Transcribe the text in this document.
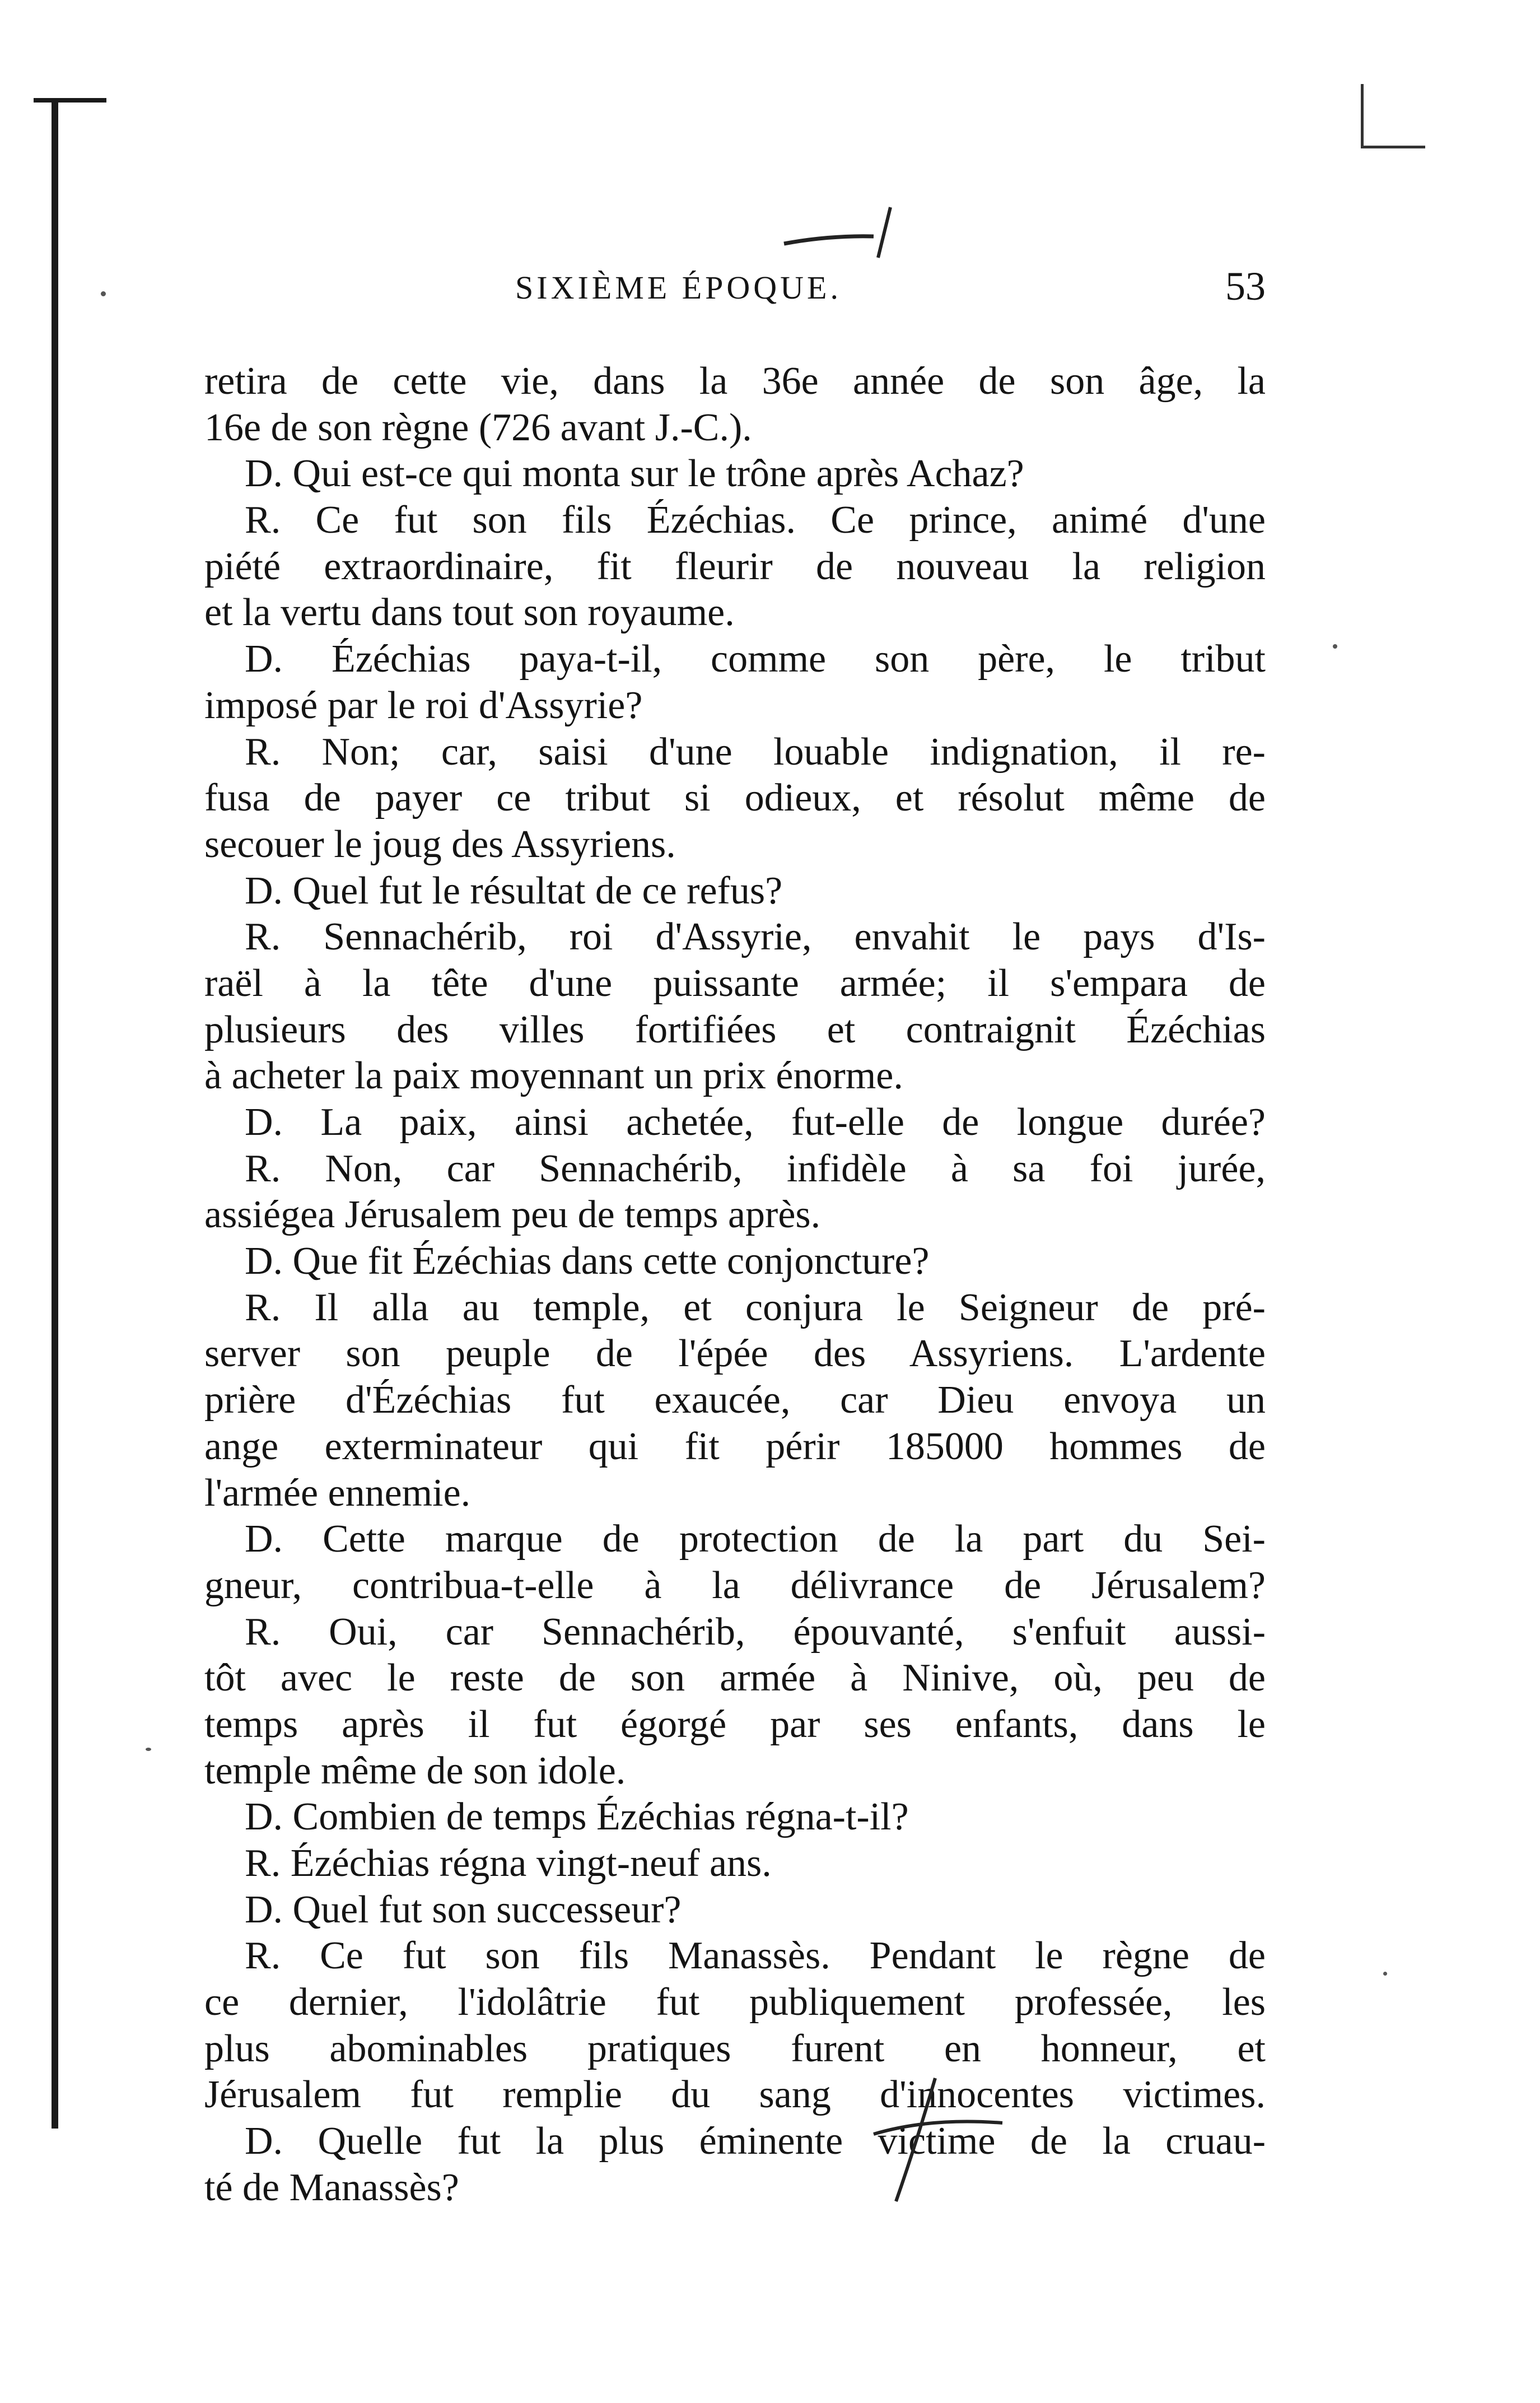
SIXIÈME ÉPOQUE.	53
retira de cette vie, dans la 36e année de son âge, la
16e de son règne (726 avant J.-C.).
D. Qui est-ce qui monta sur le trône après Achaz?
R. Ce fut son fils Ézéchias. Ce prince, animé d'une
piété extraordinaire, fit fleurir de nouveau la religion
et la vertu dans tout son royaume.
D. Ézéchias paya-t-il, comme son père, le tribut
imposé par le roi d'Assyrie?
R. Non; car, saisi d'une louable indignation, il re-
fusa de payer ce tribut si odieux, et résolut même de
secouer le joug des Assyriens.
D. Quel fut le résultat de ce refus?
R. Sennachérib, roi d'Assyrie, envahit le pays d'Is-
raël à la tête d'une puissante armée; il s'empara de
plusieurs des villes fortifiées et contraignit Ézéchias
à acheter la paix moyennant un prix énorme.
D. La paix, ainsi achetée, fut-elle de longue durée?
R. Non, car Sennachérib, infidèle à sa foi jurée,
assiégea Jérusalem peu de temps après.
D. Que fit Ézéchias dans cette conjoncture?
R. Il alla au temple, et conjura le Seigneur de pré-
server son peuple de l'épée des Assyriens. L'ardente
prière d'Ézéchias fut exaucée, car Dieu envoya un
ange exterminateur qui fit périr 185000 hommes de
l'armée ennemie.
D. Cette marque de protection de la part du Sei-
gneur, contribua-t-elle à la délivrance de Jérusalem?
R. Oui, car Sennachérib, épouvanté, s'enfuit aussi-
tôt avec le reste de son armée à Ninive, où, peu de
temps après il fut égorgé par ses enfants, dans le
temple même de son idole.
D. Combien de temps Ézéchias régna-t-il?
R. Ézéchias régna vingt-neuf ans.
D. Quel fut son successeur?
R. Ce fut son fils Manassès. Pendant le règne de
ce dernier, l'idolâtrie fut publiquement professée, les
plus abominables pratiques furent en honneur, et
Jérusalem fut remplie du sang d'innocentes victimes.
D. Quelle fut la plus éminente victime de la cruau-
té de Manassès?
